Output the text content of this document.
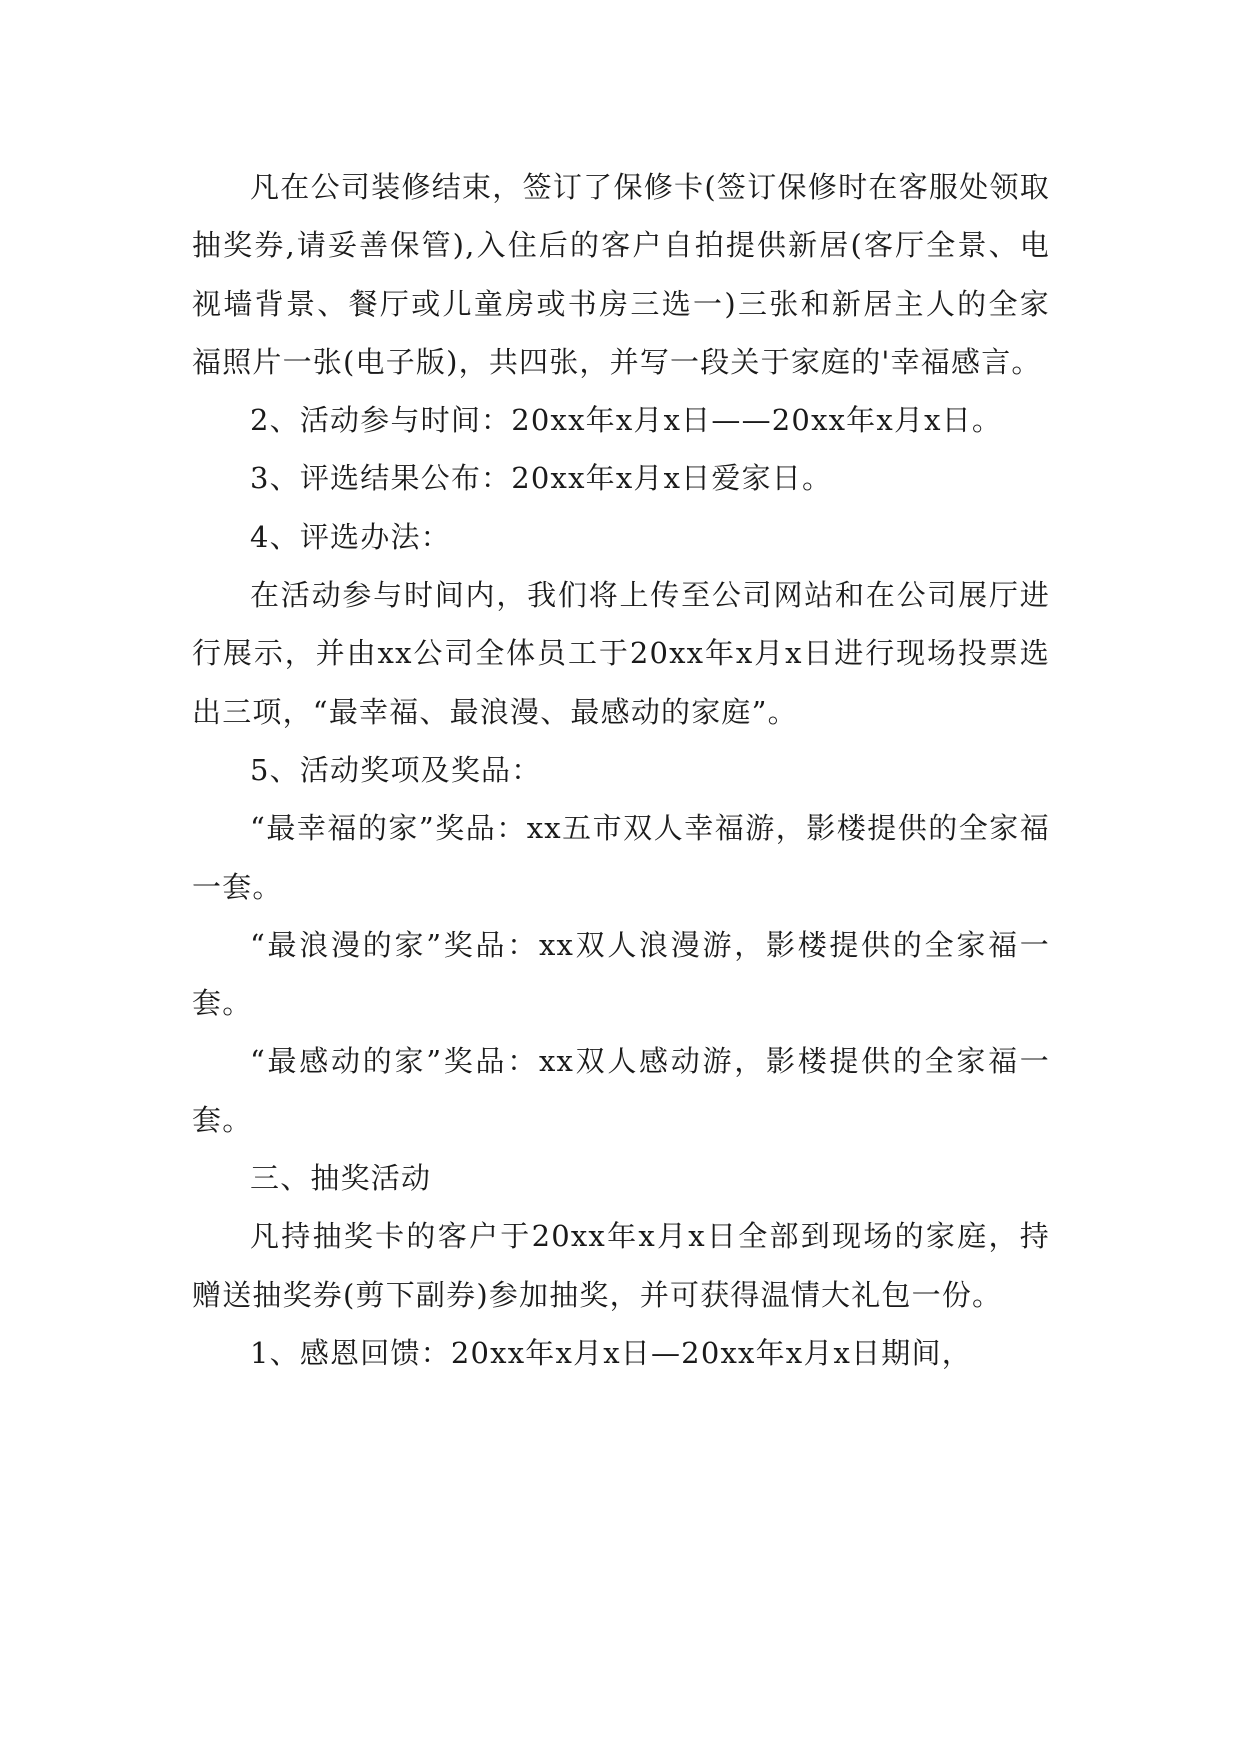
凡在公司装修结束，签订了保修卡(签订保修时在客服处领取抽奖券,请妥善保管),入住后的客户自拍提供新居(客厅全景、电视墙背景、餐厅或儿童房或书房三选一)三张和新居主人的全家福照片一张(电子版)，共四张，并写一段关于家庭的'幸福感言。

2、活动参与时间：20xx年x月x日——20xx年x月x日。

3、评选结果公布：20xx年x月x日爱家日。

4、评选办法：

在活动参与时间内，我们将上传至公司网站和在公司展厅进行展示，并由xx公司全体员工于20xx年x月x日进行现场投票选出三项，“最幸福、最浪漫、最感动的家庭”。

5、活动奖项及奖品：

“最幸福的家”奖品：xx五市双人幸福游，影楼提供的全家福一套。

“最浪漫的家”奖品：xx双人浪漫游，影楼提供的全家福一套。

“最感动的家”奖品：xx双人感动游，影楼提供的全家福一套。

三、抽奖活动

凡持抽奖卡的客户于20xx年x月x日全部到现场的家庭，持赠送抽奖券(剪下副券)参加抽奖，并可获得温情大礼包一份。

1、感恩回馈：20xx年x月x日—20xx年x月x日期间，
